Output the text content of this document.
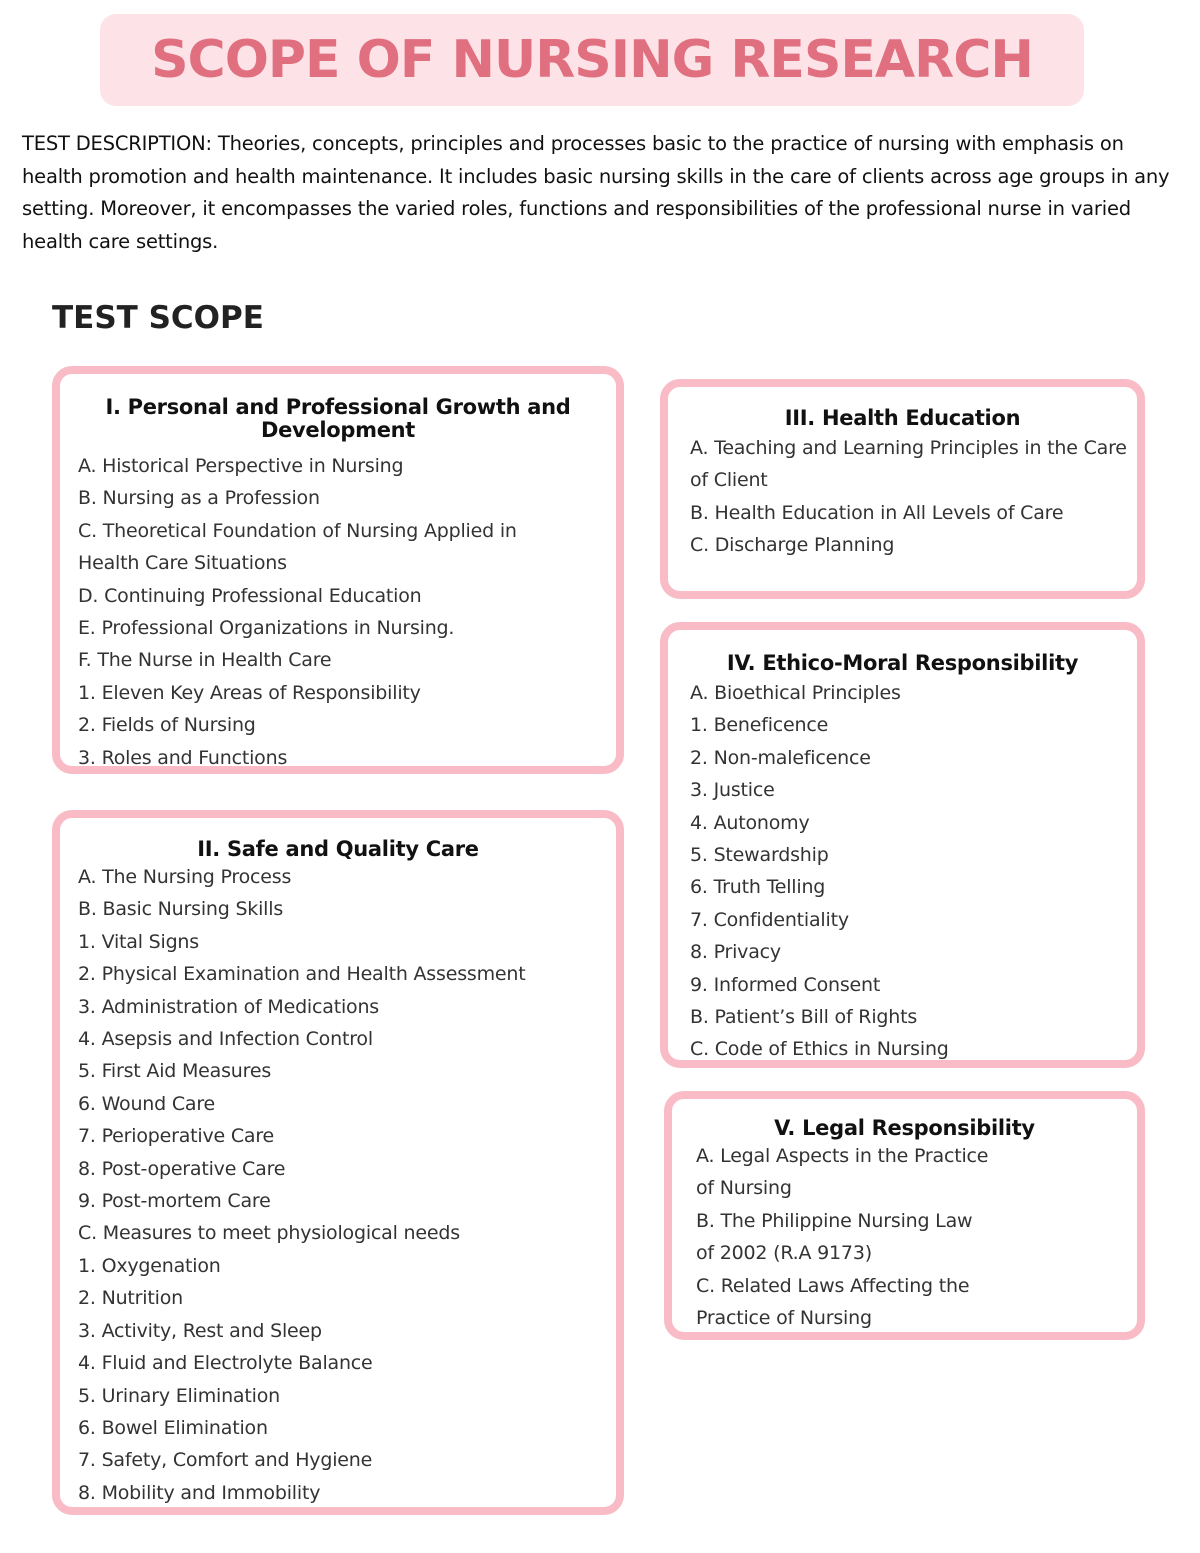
SCOPE OF NURSING RESEARCH

TEST DESCRIPTION: Theories, concepts, principles and processes basic to the practice of nursing with emphasis on health promotion and health maintenance. It includes basic nursing skills in the care of clients across age groups in any setting. Moreover, it encompasses the varied roles, functions and responsibilities of the professional nurse in varied health care settings.

TEST SCOPE
I. Personal and Professional Growth and Development
A. Historical Perspective in Nursing
B. Nursing as a Profession
C. Theoretical Foundation of Nursing Applied in
Health Care Situations
D. Continuing Professional Education
E. Professional Organizations in Nursing.
F. The Nurse in Health Care
1. Eleven Key Areas of Responsibility
2. Fields of Nursing
3. Roles and Functions
II. Safe and Quality Care
A. The Nursing Process
B. Basic Nursing Skills
1. Vital Signs
2. Physical Examination and Health Assessment
3. Administration of Medications
4. Asepsis and Infection Control
5. First Aid Measures
6. Wound Care
7. Perioperative Care
8. Post-operative Care
9. Post-mortem Care
C. Measures to meet physiological needs
1. Oxygenation
2. Nutrition
3. Activity, Rest and Sleep
4. Fluid and Electrolyte Balance
5. Urinary Elimination
6. Bowel Elimination
7. Safety, Comfort and Hygiene
8. Mobility and Immobility
III. Health Education
A. Teaching and Learning Principles in the Care
of Client
B. Health Education in All Levels of Care
C. Discharge Planning
IV. Ethico-Moral Responsibility
A. Bioethical Principles
1. Beneficence
2. Non-maleficence
3. Justice
4. Autonomy
5. Stewardship
6. Truth Telling
7. Confidentiality
8. Privacy
9. Informed Consent
B. Patient’s Bill of Rights
C. Code of Ethics in Nursing
V. Legal Responsibility
A. Legal Aspects in the Practice
of Nursing
B. The Philippine Nursing Law
of 2002 (R.A 9173)
C. Related Laws Affecting the
Practice of Nursing
